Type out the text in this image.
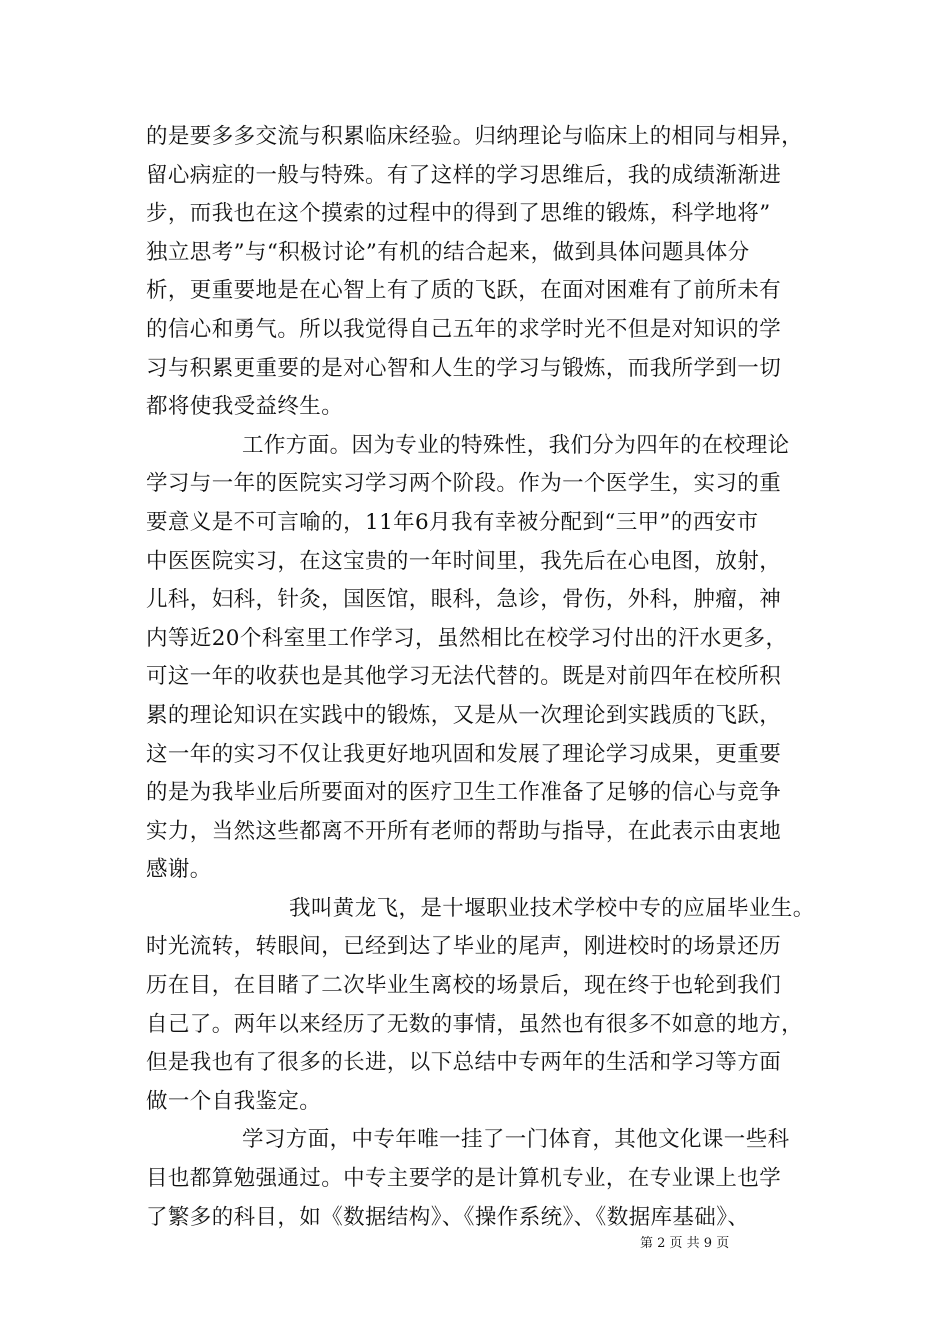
的是要多多交流与积累临床经验。归纳理论与临床上的相同与相异，
留心病症的一般与特殊。有了这样的学习思维后，我的成绩渐渐进
步，而我也在这个摸索的过程中的得到了思维的锻炼，科学地将”
独立思考”与“积极讨论”有机的结合起来，做到具体问题具体分
析，更重要地是在心智上有了质的飞跃，在面对困难有了前所未有
的信心和勇气。所以我觉得自己五年的求学时光不但是对知识的学
习与积累更重要的是对心智和人生的学习与锻炼，而我所学到一切
都将使我受益终生。
工作方面。因为专业的特殊性，我们分为四年的在校理论
学习与一年的医院实习学习两个阶段。作为一个医学生，实习的重
要意义是不可言喻的，11年6月我有幸被分配到“三甲”的西安市
中医医院实习，在这宝贵的一年时间里，我先后在心电图，放射，
儿科，妇科，针灸，国医馆，眼科，急诊，骨伤，外科，肿瘤，神
内等近20个科室里工作学习，虽然相比在校学习付出的汗水更多，
可这一年的收获也是其他学习无法代替的。既是对前四年在校所积
累的理论知识在实践中的锻炼，又是从一次理论到实践质的飞跃，
这一年的实习不仅让我更好地巩固和发展了理论学习成果，更重要
的是为我毕业后所要面对的医疗卫生工作准备了足够的信心与竞争
实力，当然这些都离不开所有老师的帮助与指导，在此表示由衷地
感谢。
我叫黄龙飞，是十堰职业技术学校中专的应届毕业生。
时光流转，转眼间，已经到达了毕业的尾声，刚进校时的场景还历
历在目，在目睹了二次毕业生离校的场景后，现在终于也轮到我们
自己了。两年以来经历了无数的事情，虽然也有很多不如意的地方，
但是我也有了很多的长进，以下总结中专两年的生活和学习等方面
做一个自我鉴定。
学习方面，中专年唯一挂了一门体育，其他文化课一些科
目也都算勉强通过。中专主要学的是计算机专业，在专业课上也学
了繁多的科目，如《数据结构》、《操作系统》、《数据库基础》、
第 2 页 共 9 页
